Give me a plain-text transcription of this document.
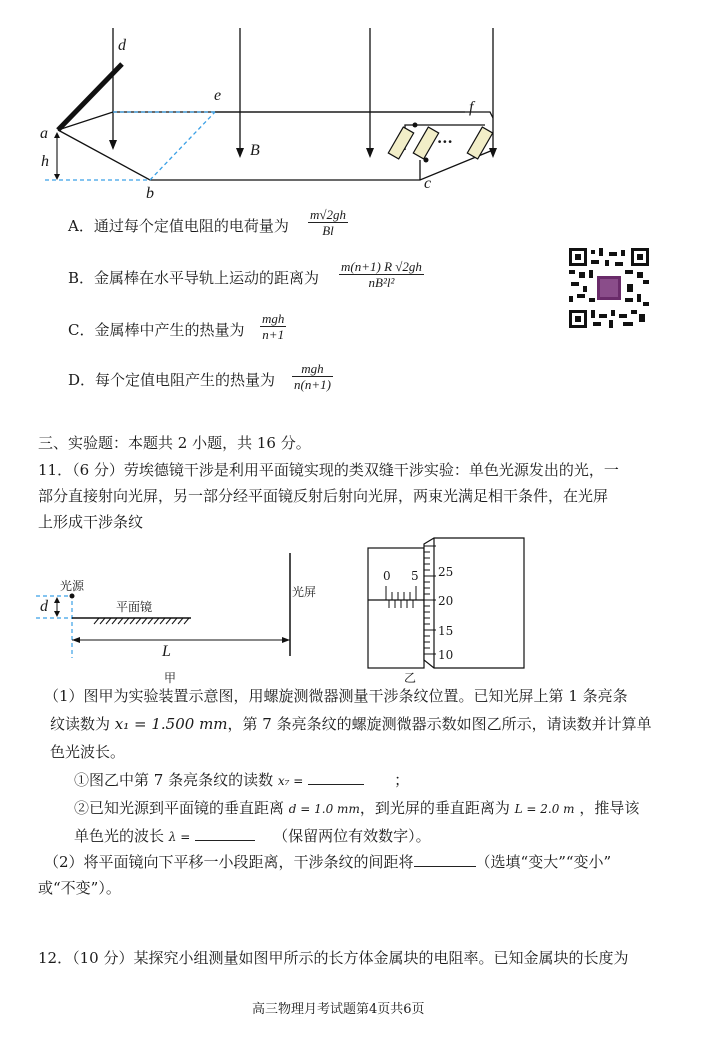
d
e
f
a
h
b
c
B	···
A．通过每个定值电阻的电荷量为 $\frac{m√2gh}{Bl}$
B．金属棒在水平导轨上运动的距离为 $\frac{m(n+1) R √2gh}{\text{nB²l²}}$
C．金属棒中产生的热量为
mgh
n+1
D．每个定值电阻产生的热量为
mgh
n(n+1)
三、实验题：本题共 2 小题，共 16 分。
11．（6 分）劳埃德镜干涉是利用平面镜实现的类双缝干涉实验：单色光源发出的光，一
部分直接射向光屏，另一部分经平面镜反射后射向光屏，两束光满足相干条件，在光屏
上形成干涉条纹
光源
d	平面镜
光屏
L
甲
0 5 25
20
15
10
乙
（1）图甲为实验装置示意图，用螺旋测微器测量干涉条纹位置。已知光屏上第 1 条亮条
纹读数为 x₁ = 1.500 mm，第 7 条亮条纹的螺旋测微器示数如图乙所示，请读数并计算单
色光波长。
①图乙中第 7 条亮条纹的读数 x₇ =	；
②已知光源到平面镜的垂直距离 d = 1.0 mm，到光屏的垂直距离为 L = 2.0 m ，推导该
单色光的波长 λ =	（保留两位有效数字）。
（2）将平面镜向下平移一小段距离，干涉条纹的间距将	（选填“变大”“变小”
或“不变”）。
12．（10 分）某探究小组测量如图甲所示的长方体金属块的电阻率。已知金属块的长度为
高三物理月考试题第4页共6页
